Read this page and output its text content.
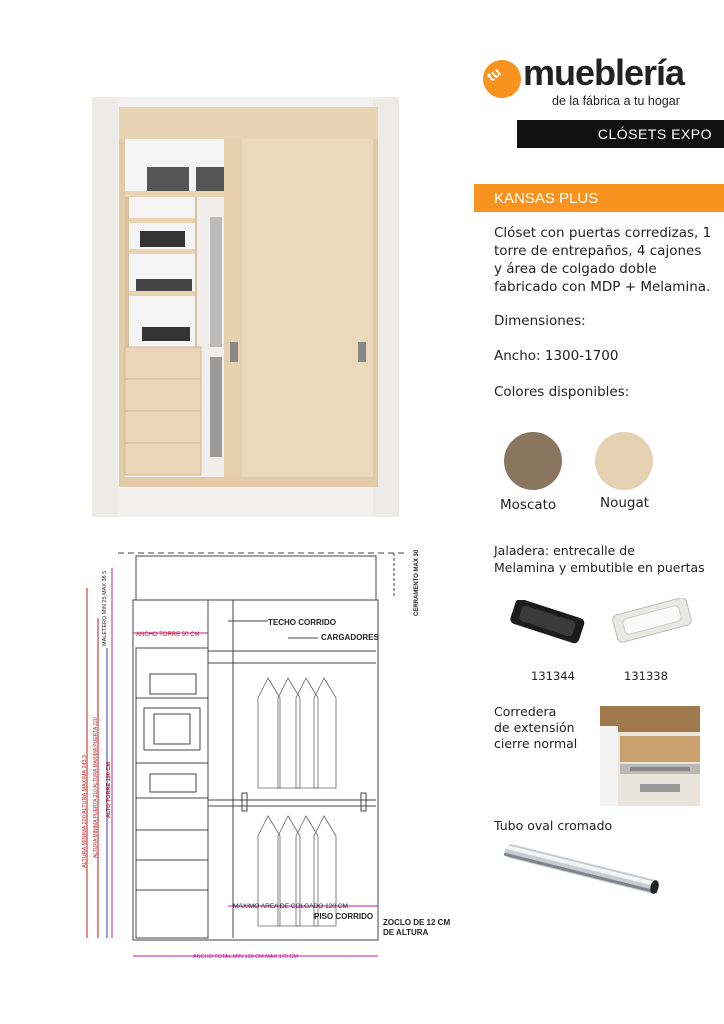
tu mueblería
de la fábrica a tu hogar
CLÓSETS EXPO
KANSAS PLUS
Clóset con puertas corredizas, 1
torre de entrepaños, 4 cajones
y área de colgado doble
fabricado con MDP + Melamina.
Dimensiones:
Ancho: 1300-1700
Colores disponibles:
Moscato	Nougat
Jaladera: entrecalle de
Melamina y embutible en puertas
131344	131338
Corredera
de extensión
cierre normal
Tubo oval cromado
TECHO CORRIDO
CARGADORES
ANCHO TORRE 50 CM
MAXIMO AREA DE COLGADO 120 CM
PISO CORRIDO
ZOCLO DE 12 CM
DE ALTURA
ANCHO TOTAL MIN 130 CM MAX 170 CM
CERRAMENTO MAX 30
MALETERO MIN 25 MAX 38.5
ALTURA MINIMA 220 ALTURA MAXIMA 243.5 ALTURA MINIMA PUERTA 210 ALTURA MAXIMA PUERTA 220 ALTO TORRE 190 CM
